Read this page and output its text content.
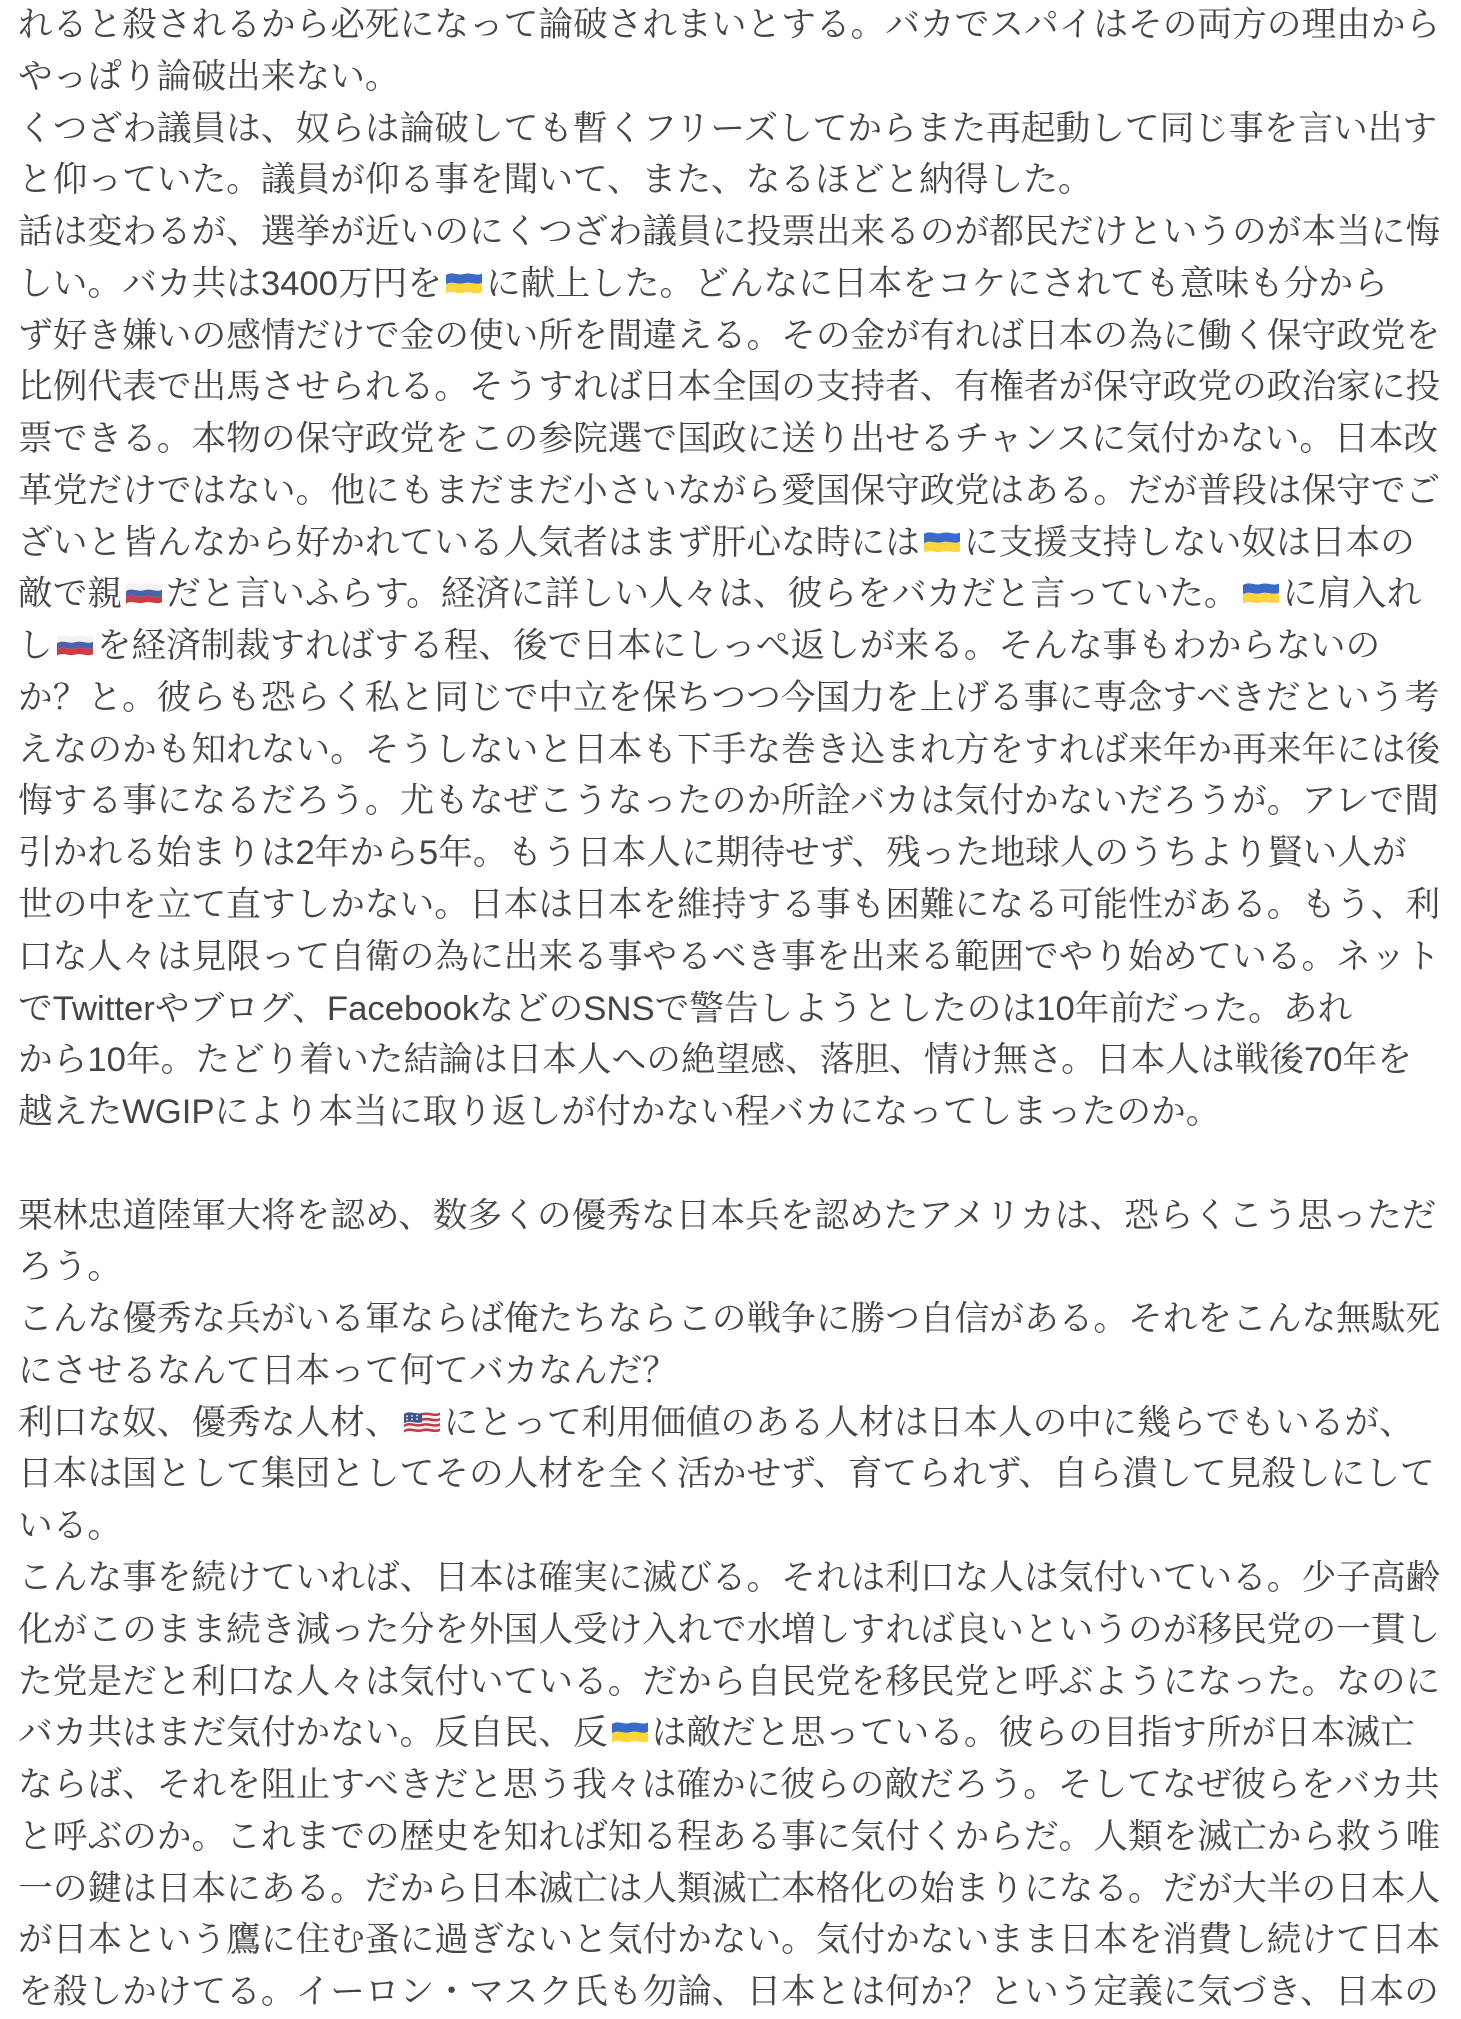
れると殺されるから必死になって論破されまいとする。バカでスパイはその両方の理由から
やっぱり論破出来ない。
くつざわ議員は、奴らは論破しても暫くフリーズしてからまた再起動して同じ事を言い出す
と仰っていた。議員が仰る事を聞いて、また、なるほどと納得した。
話は変わるが、選挙が近いのにくつざわ議員に投票出来るのが都民だけというのが本当に悔
しい。バカ共は3400万円を に献上した。どんなに日本をコケにされても意味も分から
ず好き嫌いの感情だけで金の使い所を間違える。その金が有れば日本の為に働く保守政党を
比例代表で出馬させられる。そうすれば日本全国の支持者、有権者が保守政党の政治家に投
票できる。本物の保守政党をこの参院選で国政に送り出せるチャンスに気付かない。日本改
革党だけではない。他にもまだまだ小さいながら愛国保守政党はある。だが普段は保守でご
ざいと皆んなから好かれている人気者はまず肝心な時には に支援支持しない奴は日本の
敵で親 だと言いふらす。経済に詳しい人々は、彼らをバカだと言っていた。 に肩入れ
し を経済制裁すればする程、後で日本にしっぺ返しが来る。そんな事もわからないの
か？と。彼らも恐らく私と同じで中立を保ちつつ今国力を上げる事に専念すべきだという考
えなのかも知れない。そうしないと日本も下手な巻き込まれ方をすれば来年か再来年には後
悔する事になるだろう。尤もなぜこうなったのか所詮バカは気付かないだろうが。アレで間
引かれる始まりは2年から5年。もう日本人に期待せず、残った地球人のうちより賢い人が
世の中を立て直すしかない。日本は日本を維持する事も困難になる可能性がある。もう、利
口な人々は見限って自衛の為に出来る事やるべき事を出来る範囲でやり始めている。ネット
でTwitterやブログ、FacebookなどのSNSで警告しようとしたのは10年前だった。あれ
から10年。たどり着いた結論は日本人への絶望感、落胆、情け無さ。日本人は戦後70年を
越えたWGIPにより本当に取り返しが付かない程バカになってしまったのか。
栗林忠道陸軍大将を認め、数多くの優秀な日本兵を認めたアメリカは、恐らくこう思っただ
ろう。
こんな優秀な兵がいる軍ならば俺たちならこの戦争に勝つ自信がある。それをこんな無駄死
にさせるなんて日本って何てバカなんだ？
利口な奴、優秀な人材、 にとって利用価値のある人材は日本人の中に幾らでもいるが、
日本は国として集団としてその人材を全く活かせず、育てられず、自ら潰して見殺しにして
いる。
こんな事を続けていれば、日本は確実に滅びる。それは利口な人は気付いている。少子高齢
化がこのまま続き減った分を外国人受け入れで水増しすれば良いというのが移民党の一貫し
た党是だと利口な人々は気付いている。だから自民党を移民党と呼ぶようになった。なのに
バカ共はまだ気付かない。反自民、反 は敵だと思っている。彼らの目指す所が日本滅亡
ならば、それを阻止すべきだと思う我々は確かに彼らの敵だろう。そしてなぜ彼らをバカ共
と呼ぶのか。これまでの歴史を知れば知る程ある事に気付くからだ。人類を滅亡から救う唯
一の鍵は日本にある。だから日本滅亡は人類滅亡本格化の始まりになる。だが大半の日本人
が日本という鷹に住む蚤に過ぎないと気付かない。気付かないまま日本を消費し続けて日本
を殺しかけてる。イーロン・マスク氏も勿論、日本とは何か？という定義に気づき、日本の
